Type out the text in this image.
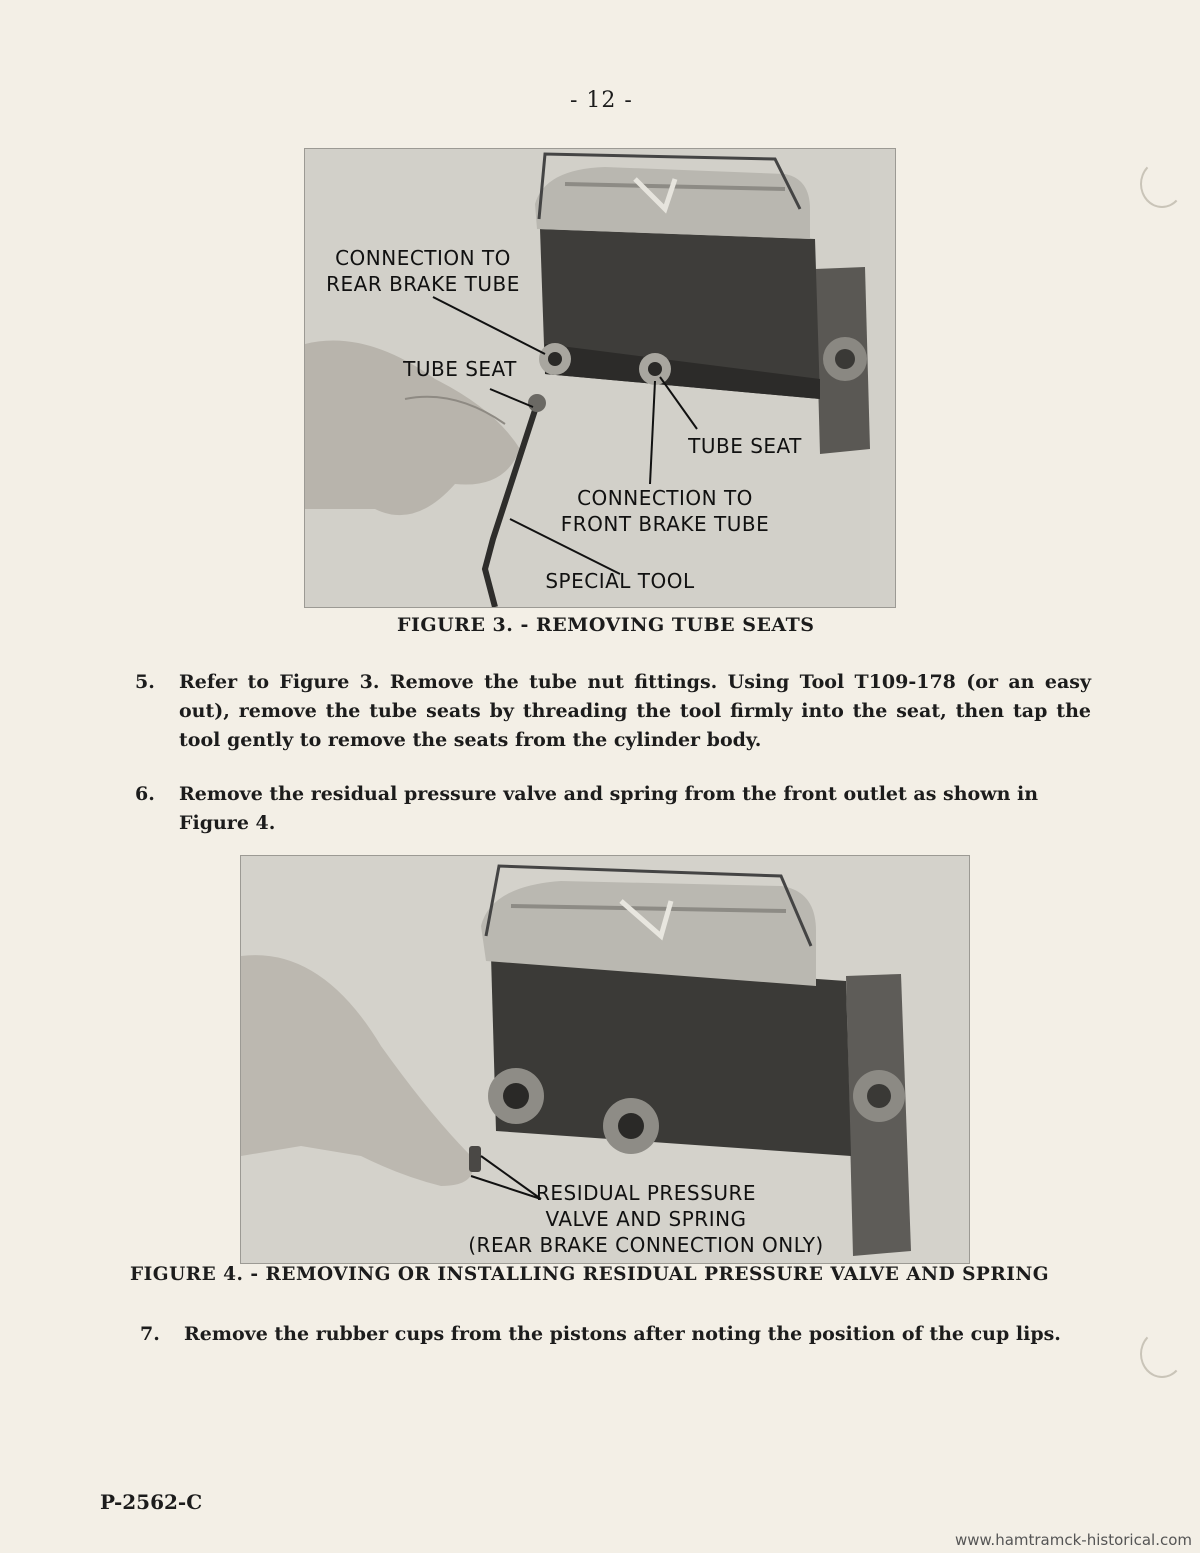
- 12 -
CONNECTION TO
REAR BRAKE TUBE
TUBE SEAT
TUBE SEAT
CONNECTION TO
FRONT BRAKE TUBE
SPECIAL TOOL
FIGURE 3. - REMOVING TUBE SEATS
5. Refer to Figure 3. Remove the tube nut fittings. Using Tool T109-178 (or an easy out), remove the tube seats by threading the tool firmly into the seat, then tap the tool gently to remove the seats from the cylinder body.
6. Remove the residual pressure valve and spring from the front outlet as shown in Figure 4.
RESIDUAL PRESSURE
VALVE AND SPRING
(REAR BRAKE CONNECTION ONLY)
FIGURE 4. - REMOVING OR INSTALLING RESIDUAL PRESSURE VALVE AND SPRING
7. Remove the rubber cups from the pistons after noting the position of the cup lips.
P-2562-C
www.hamtramck-historical.com
